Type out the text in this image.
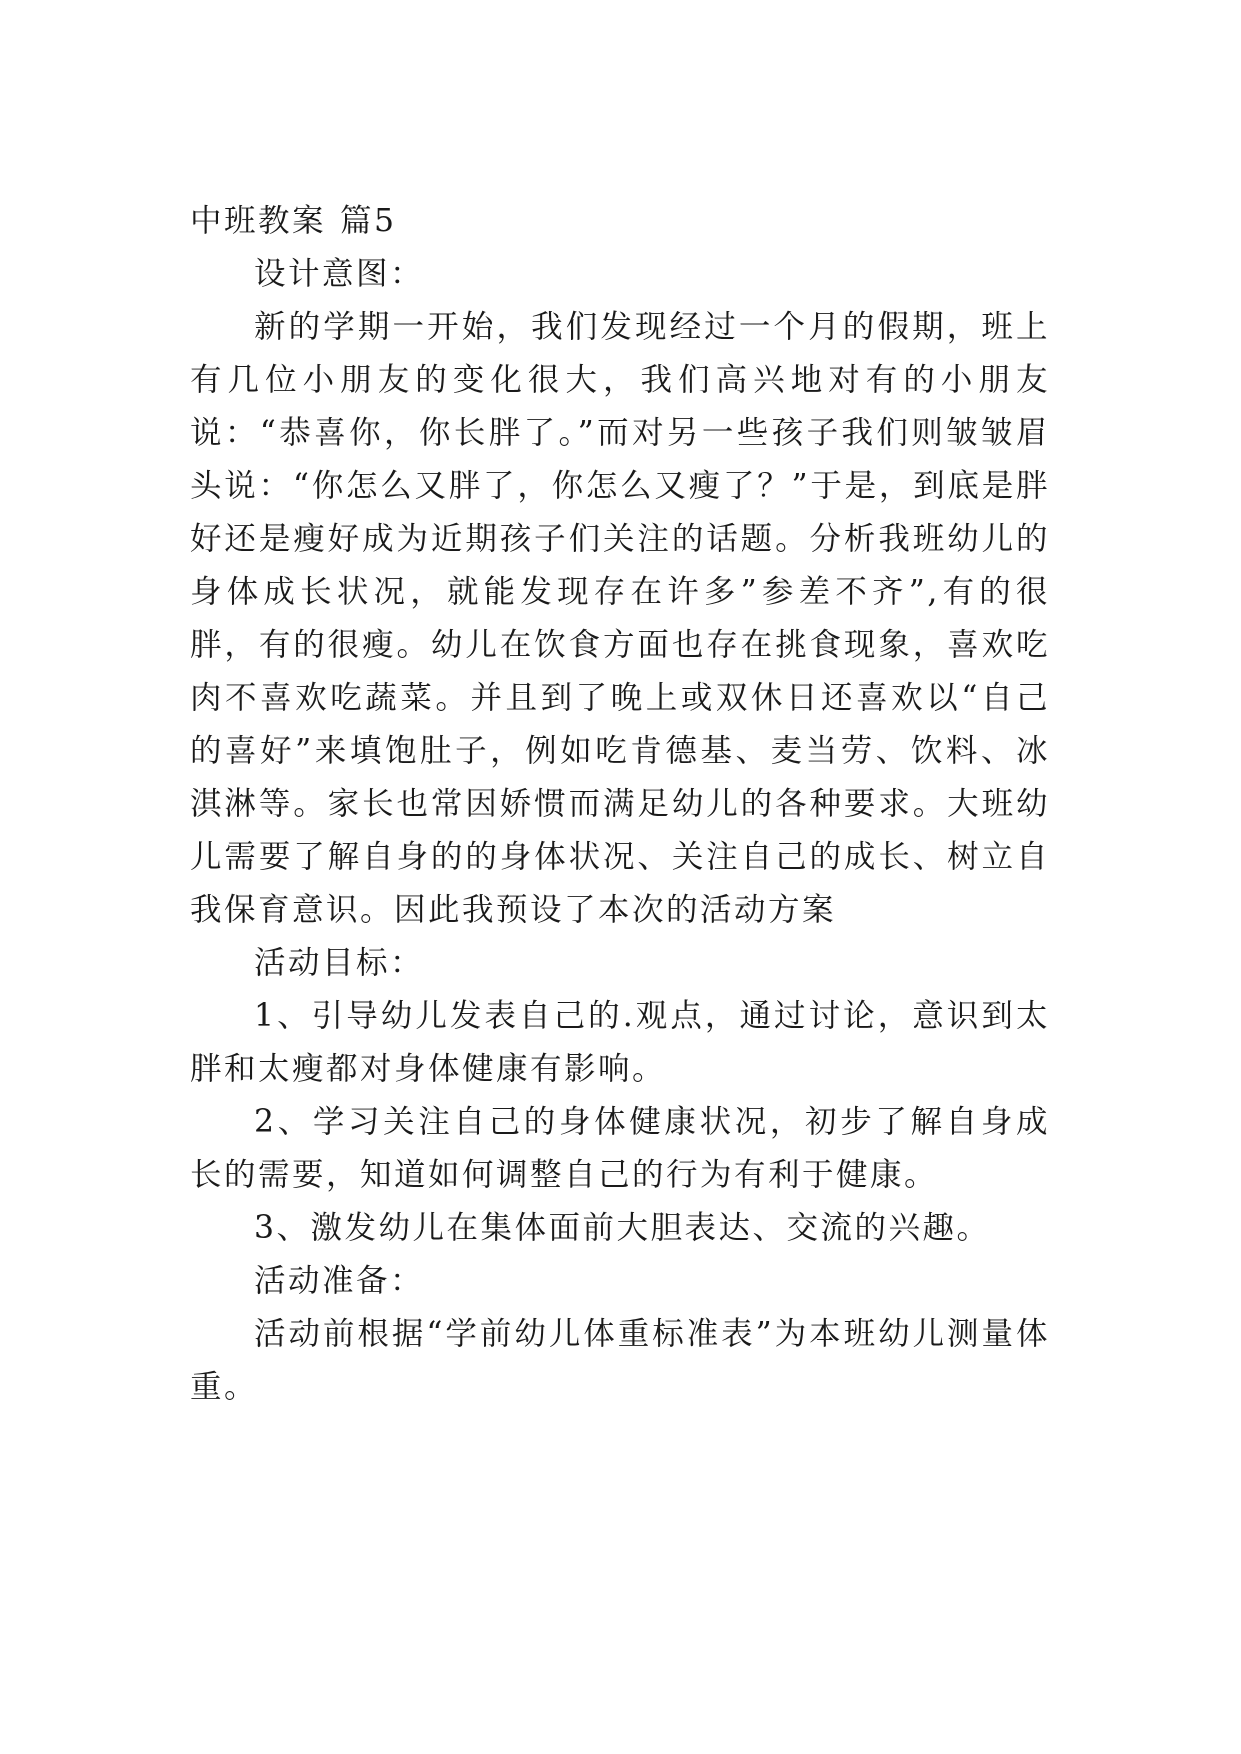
中班教案 篇5
设计意图：

新的学期一开始，我们发现经过一个月的假期，班上有几位小朋友的变化很大，我们高兴地对有的小朋友说：“恭喜你，你长胖了。”而对另一些孩子我们则皱皱眉头说：“你怎么又胖了，你怎么又瘦了？”于是，到底是胖好还是瘦好成为近期孩子们关注的话题。分析我班幼儿的身体成长状况，就能发现存在许多”参差不齐”,有的很胖，有的很瘦。幼儿在饮食方面也存在挑食现象，喜欢吃肉不喜欢吃蔬菜。并且到了晚上或双休日还喜欢以“自己的喜好”来填饱肚子，例如吃肯德基、麦当劳、饮料、冰淇淋等。家长也常因娇惯而满足幼儿的各种要求。大班幼儿需要了解自身的的身体状况、关注自己的成长、树立自我保育意识。因此我预设了本次的活动方案

活动目标：

1、引导幼儿发表自己的.观点，通过讨论，意识到太胖和太瘦都对身体健康有影响。

2、学习关注自己的身体健康状况，初步了解自身成长的需要，知道如何调整自己的行为有利于健康。

3、激发幼儿在集体面前大胆表达、交流的兴趣。

活动准备：

活动前根据“学前幼儿体重标准表”为本班幼儿测量体重。
